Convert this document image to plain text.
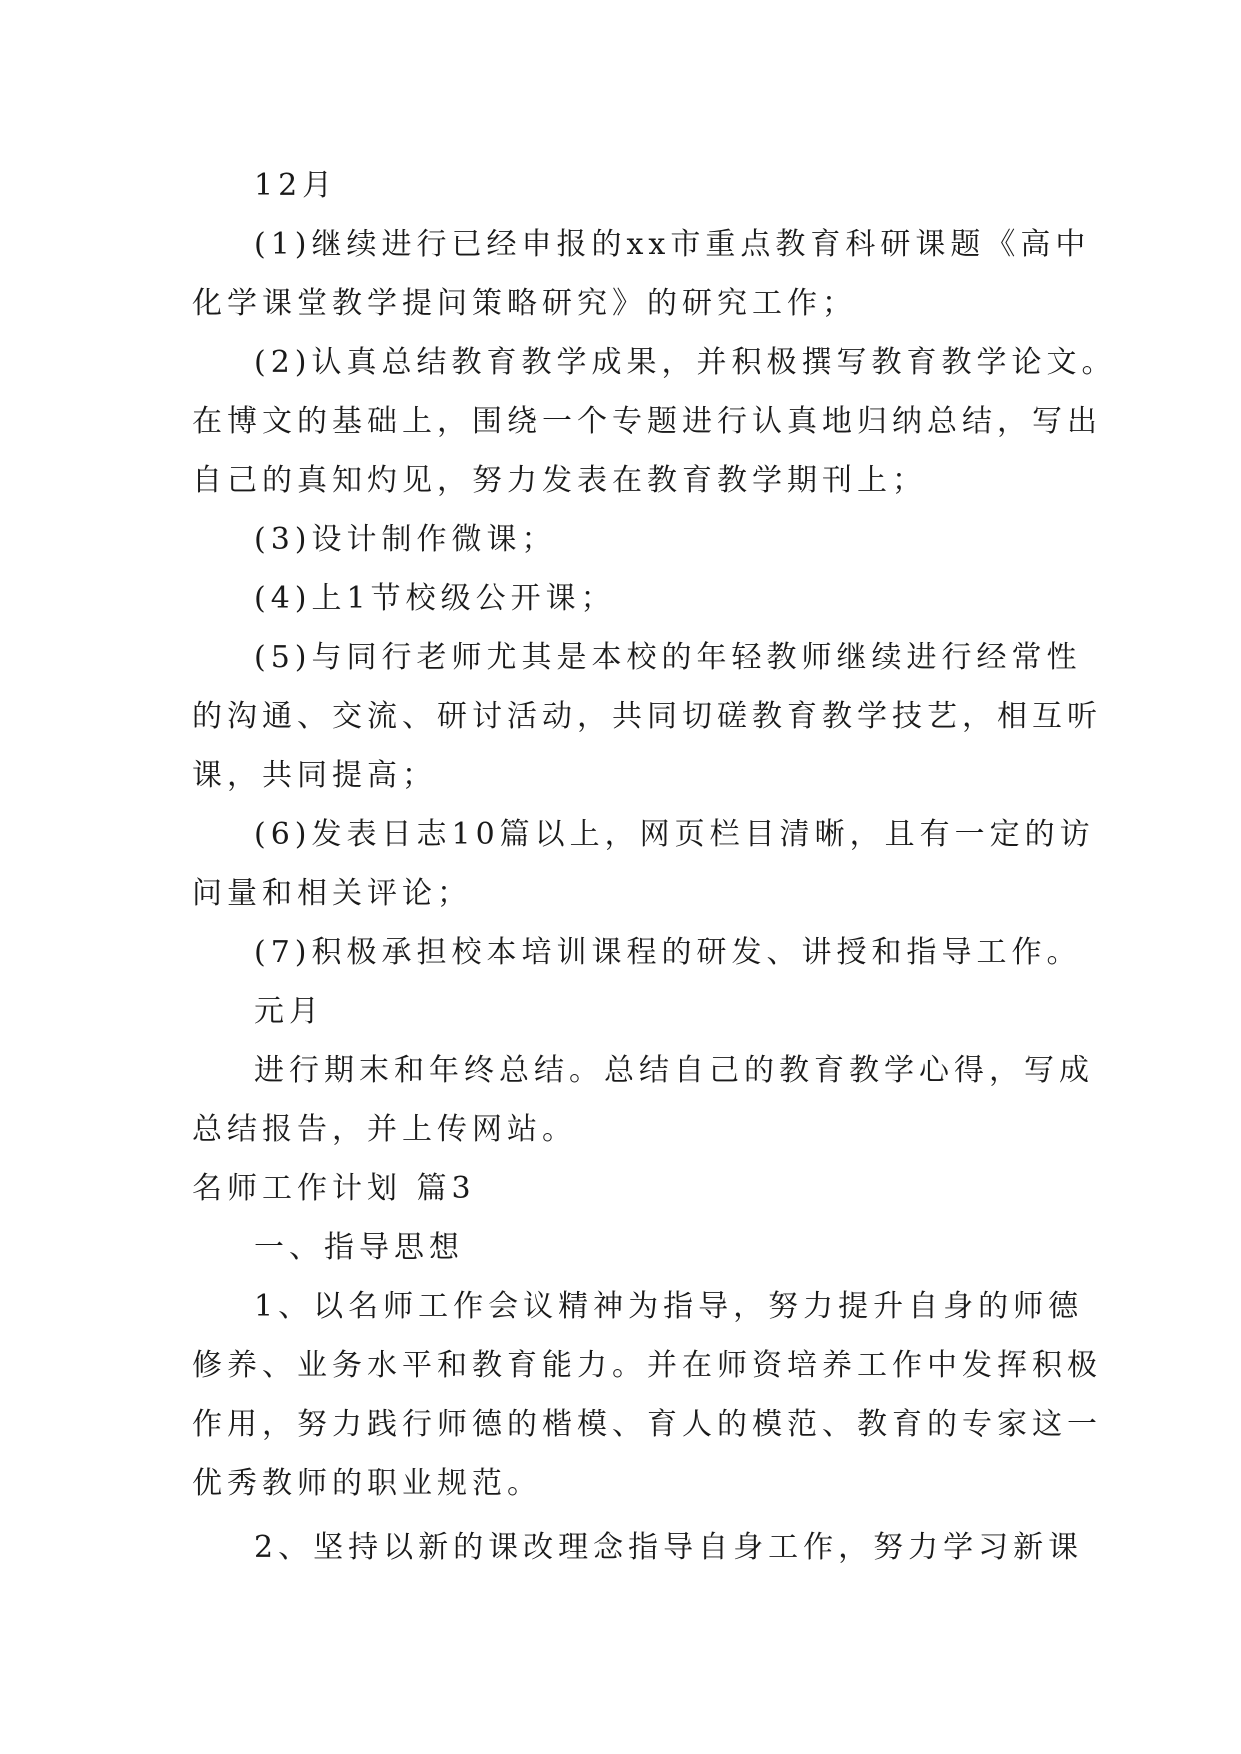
12月
(1)继续进行已经申报的xx市重点教育科研课题《高中
化学课堂教学提问策略研究》的研究工作；
(2)认真总结教育教学成果，并积极撰写教育教学论文。
在博文的基础上，围绕一个专题进行认真地归纳总结，写出
自己的真知灼见，努力发表在教育教学期刊上；
(3)设计制作微课；
(4)上1节校级公开课；
(5)与同行老师尤其是本校的年轻教师继续进行经常性
的沟通、交流、研讨活动，共同切磋教育教学技艺，相互听
课，共同提高；
(6)发表日志10篇以上，网页栏目清晰，且有一定的访
问量和相关评论；
(7)积极承担校本培训课程的研发、讲授和指导工作。
元月
进行期末和年终总结。总结自己的教育教学心得，写成
总结报告，并上传网站。
名师工作计划 篇3
一、指导思想
1、以名师工作会议精神为指导，努力提升自身的师德
修养、业务水平和教育能力。并在师资培养工作中发挥积极
作用，努力践行师德的楷模、育人的模范、教育的专家这一
优秀教师的职业规范。
2、坚持以新的课改理念指导自身工作，努力学习新课
